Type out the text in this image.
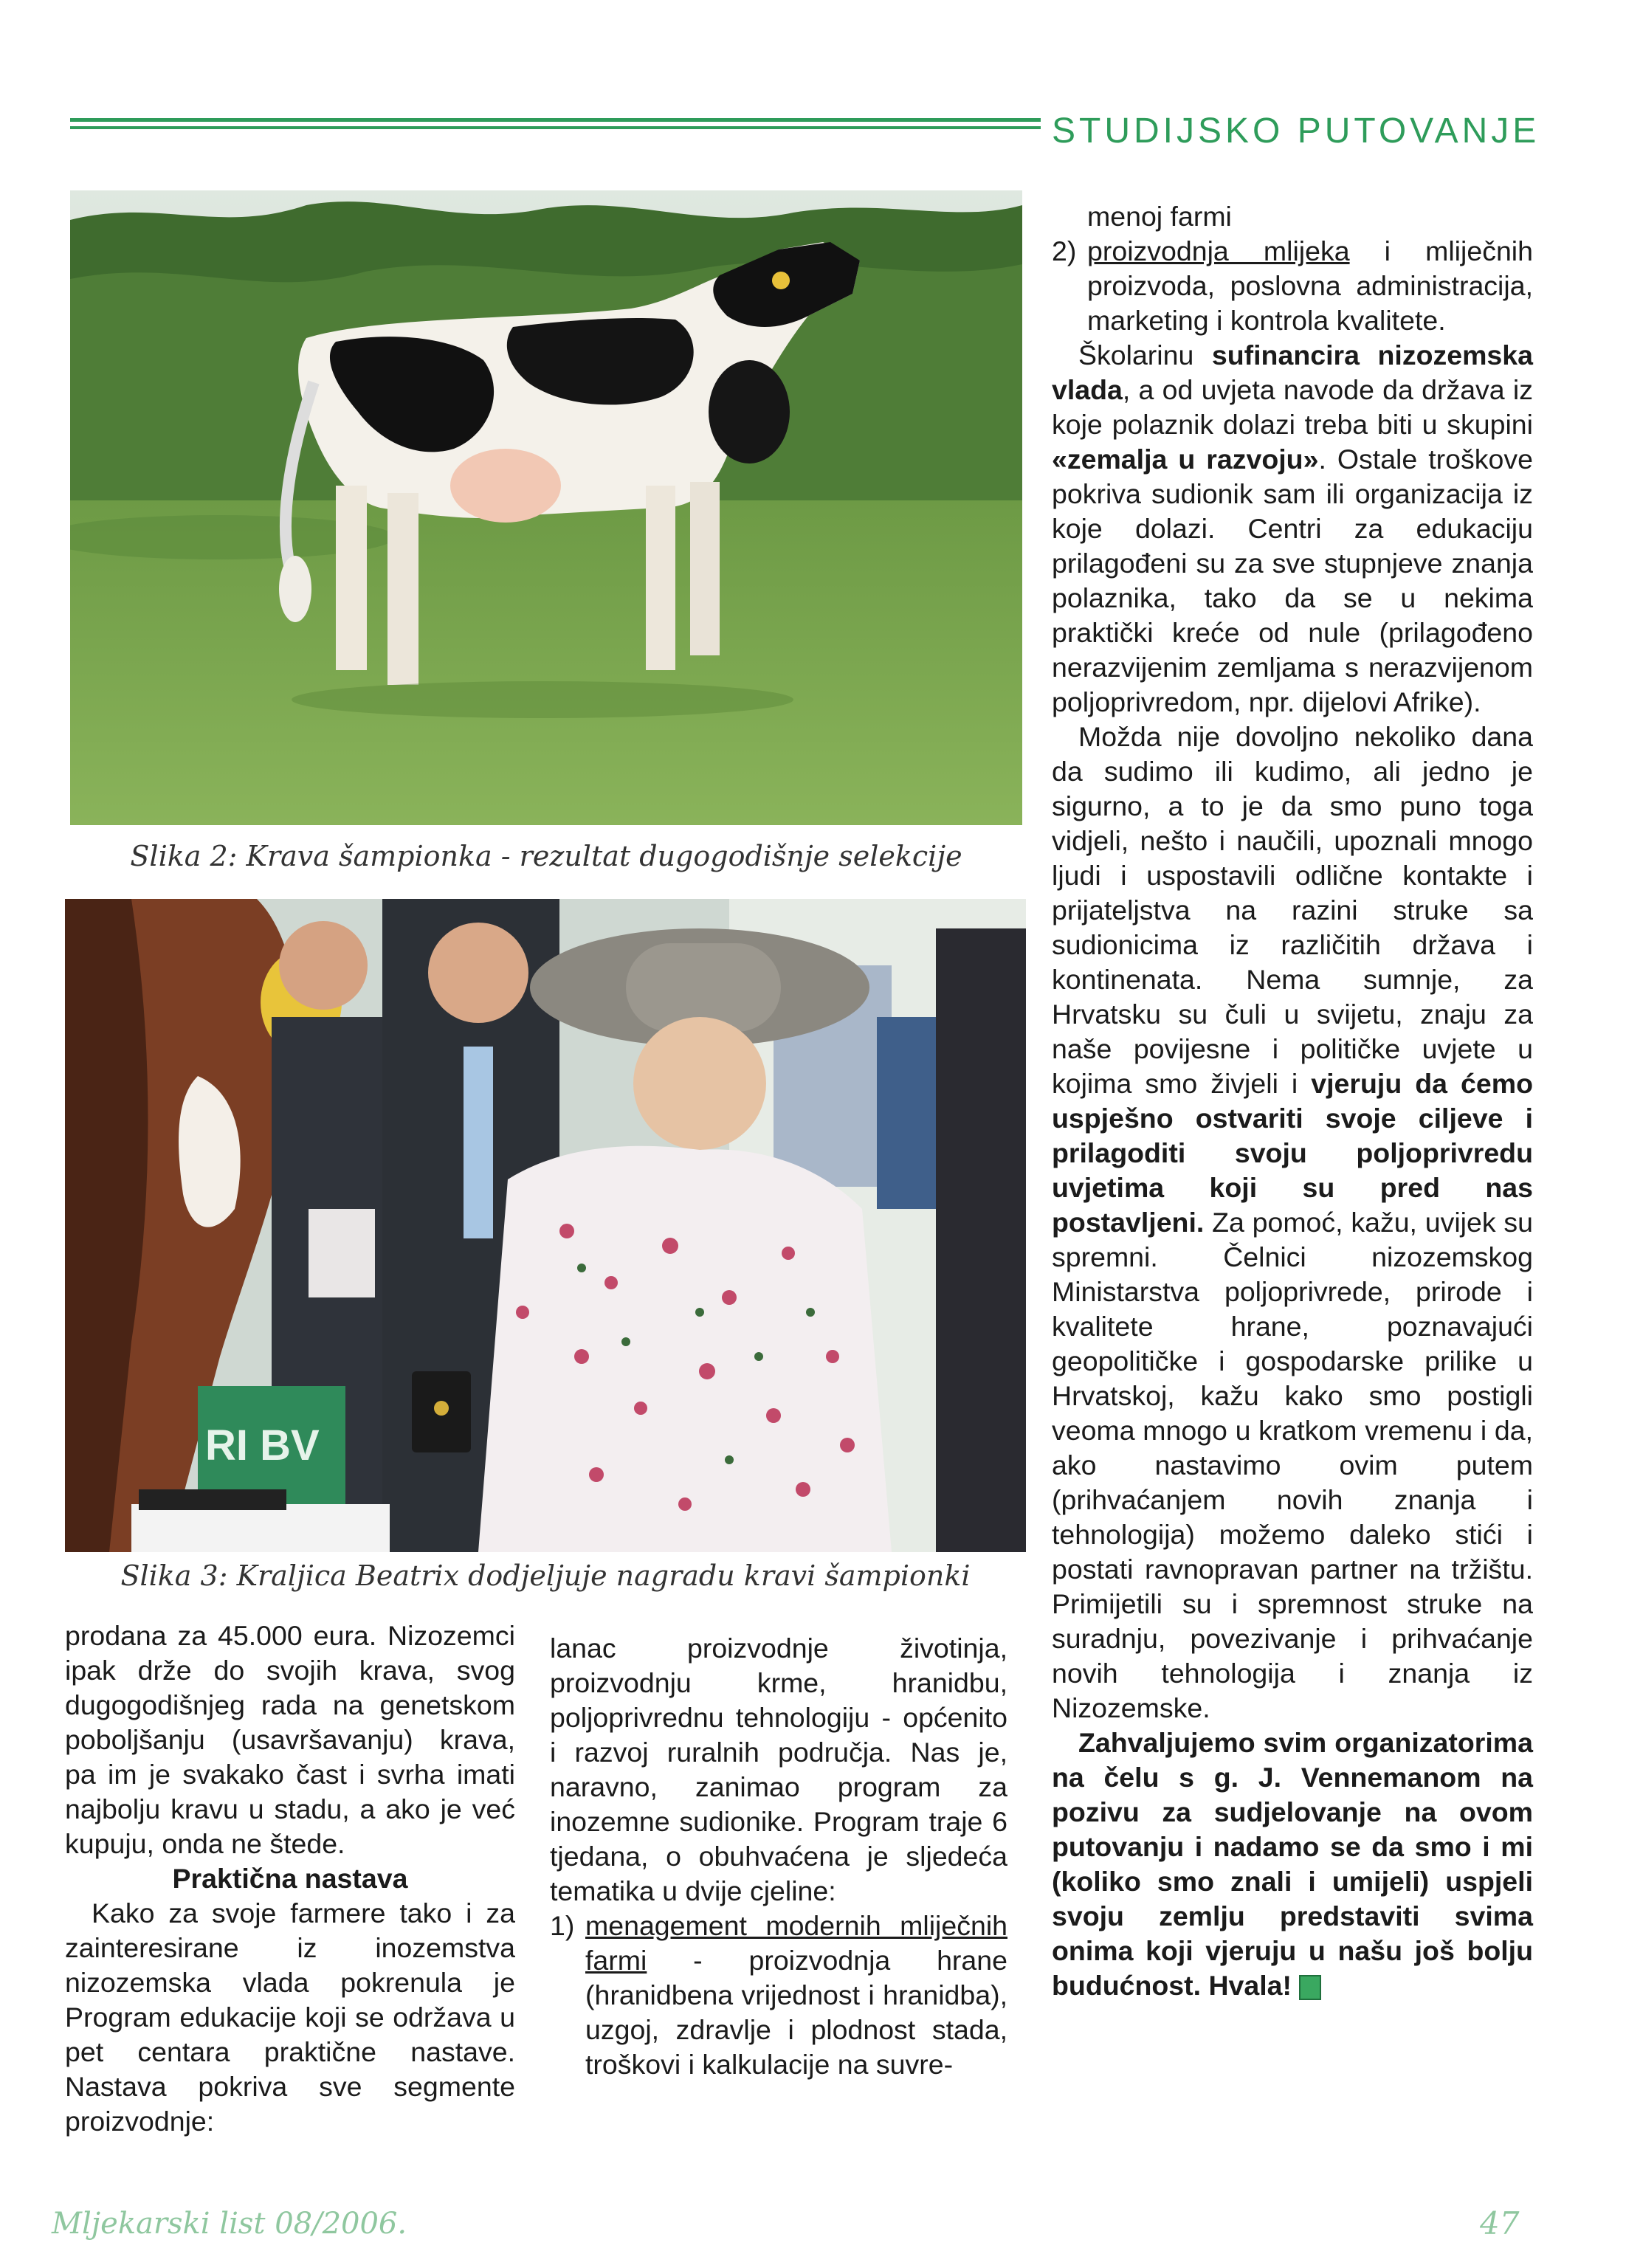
STUDIJSKO PUTOVANJE
Slika 2: Krava šampionka - rezultat dugogodišnje selekcije
RI BV
Slika 3: Kraljica Beatrix dodjeljuje nagradu kravi šampionki

prodana za 45.000 eura. Nizozemci ipak drže do svojih krava, svog dugogodišnjeg rada na genetskom poboljšanju (usavršavanju) krava, pa im je svakako čast i svrha imati najbolju kravu u stadu, a ako je već kupuju, onda ne štede.

Praktična nastava

Kako za svoje farmere tako i za zainteresirane iz inozemstva nizozemska vlada pokrenula je Program edukacije koji se održava u pet centara praktične nastave. Nastava pokriva sve segmente proizvodnje:

lanac proizvodnje životinja, proizvodnju krme, hranidbu, poljoprivrednu tehnologiju - općenito i razvoj ruralnih područja. Nas je, naravno, zanimao program za inozemne sudionike. Program traje 6 tjedana, o obuhvaćena je sljedeća tematika u dvije cjeline:

1) menagement modernih mliječnih farmi - proizvodnja hrane (hranidbena vrijednost i hranidba), uzgoj, zdravlje i plodnost stada, troškovi i kalkulacije na suvre-

menoj farmi

2) proizvodnja mlijeka i mliječnih proizvoda, poslovna administracija, marketing i kontrola kvalitete.

Školarinu sufinancira nizozemska vlada, a od uvjeta navode da država iz koje polaznik dolazi treba biti u skupini «zemalja u razvoju». Ostale troškove pokriva sudionik sam ili organizacija iz koje dolazi. Centri za edukaciju prilagođeni su za sve stupnjeve znanja polaznika, tako da se u nekima praktički kreće od nule (prilagođeno nerazvijenim zemljama s nerazvijenom poljoprivredom, npr. dijelovi Afrike).

Možda nije dovoljno nekoliko dana da sudimo ili kudimo, ali jedno je sigurno, a to je da smo puno toga vidjeli, nešto i naučili, upoznali mnogo ljudi i uspostavili odlične kontakte i prijateljstva na razini struke sa sudionicima iz različitih država i kontinenata. Nema sumnje, za Hrvatsku su čuli u svijetu, znaju za naše povijesne i političke uvjete u kojima smo živjeli i vjeruju da ćemo uspješno ostvariti svoje ciljeve i prilagoditi svoju poljoprivredu uvjetima koji su pred nas postavljeni. Za pomoć, kažu, uvijek su spremni. Čelnici nizozemskog Ministarstva poljoprivrede, prirode i kvalitete hrane, poznavajući geopolitičke i gospodarske prilike u Hrvatskoj, kažu kako smo postigli veoma mnogo u kratkom vremenu i da, ako nastavimo ovim putem (prihvaćanjem novih znanja i tehnologija) možemo daleko stići i postati ravnopravan partner na tržištu. Primijetili su i spremnost struke na suradnju, povezivanje i prihvaćanje novih tehnologija i znanja iz Nizozemske.

Zahvaljujemo svim organizatorima na čelu s g. J. Vennemanom na pozivu za sudjelovanje na ovom putovanju i nadamo se da smo i mi (koliko smo znali i umijeli) uspjeli svoju zemlju predstaviti svima onima koji vjeruju u našu još bolju budućnost. Hvala!

Mljekarski list 08/2006.	47
